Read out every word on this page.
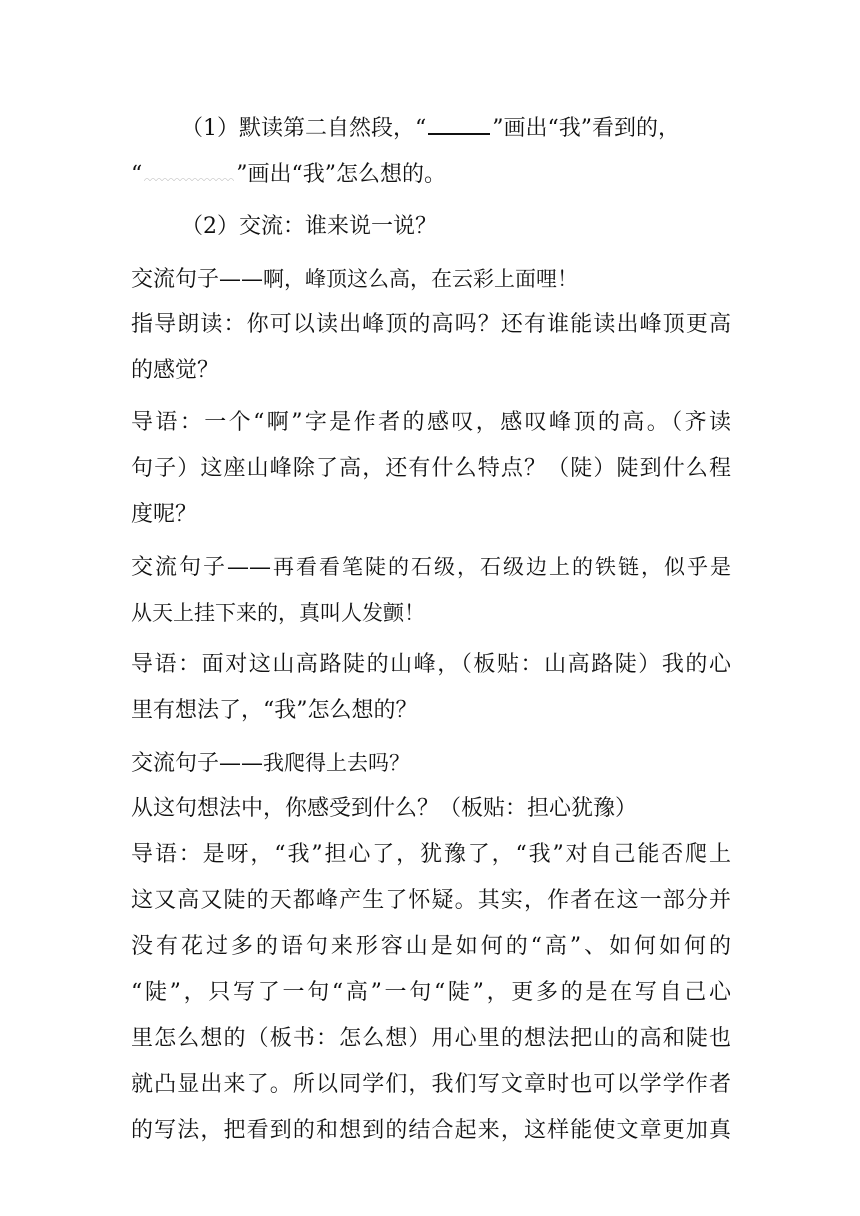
（1）默读第二自然段，“	”画出“我”看到的，
“	”画出“我”怎么想的。
（2）交流：谁来说一说？
交流句子——啊，峰顶这么高，在云彩上面哩！
指导朗读：你可以读出峰顶的高吗？还有谁能读出峰顶更高
的感觉？
导语：一个“啊”字是作者的感叹，感叹峰顶的高。（齐读
句子）这座山峰除了高，还有什么特点？（陡）陡到什么程
度呢？
交流句子——再看看笔陡的石级，石级边上的铁链，似乎是
从天上挂下来的，真叫人发颤！
导语：面对这山高路陡的山峰，（板贴：山高路陡）我的心
里有想法了，“我”怎么想的？
交流句子——我爬得上去吗？
从这句想法中，你感受到什么？（板贴：担心犹豫）
导语：是呀，“我”担心了，犹豫了，“我”对自己能否爬上
这又高又陡的天都峰产生了怀疑。其实，作者在这一部分并
没有花过多的语句来形容山是如何的“高”、如何如何的
“陡”，只写了一句“高”一句“陡”，更多的是在写自己心
里怎么想的（板书：怎么想）用心里的想法把山的高和陡也
就凸显出来了。所以同学们，我们写文章时也可以学学作者
的写法，把看到的和想到的结合起来，这样能使文章更加真
